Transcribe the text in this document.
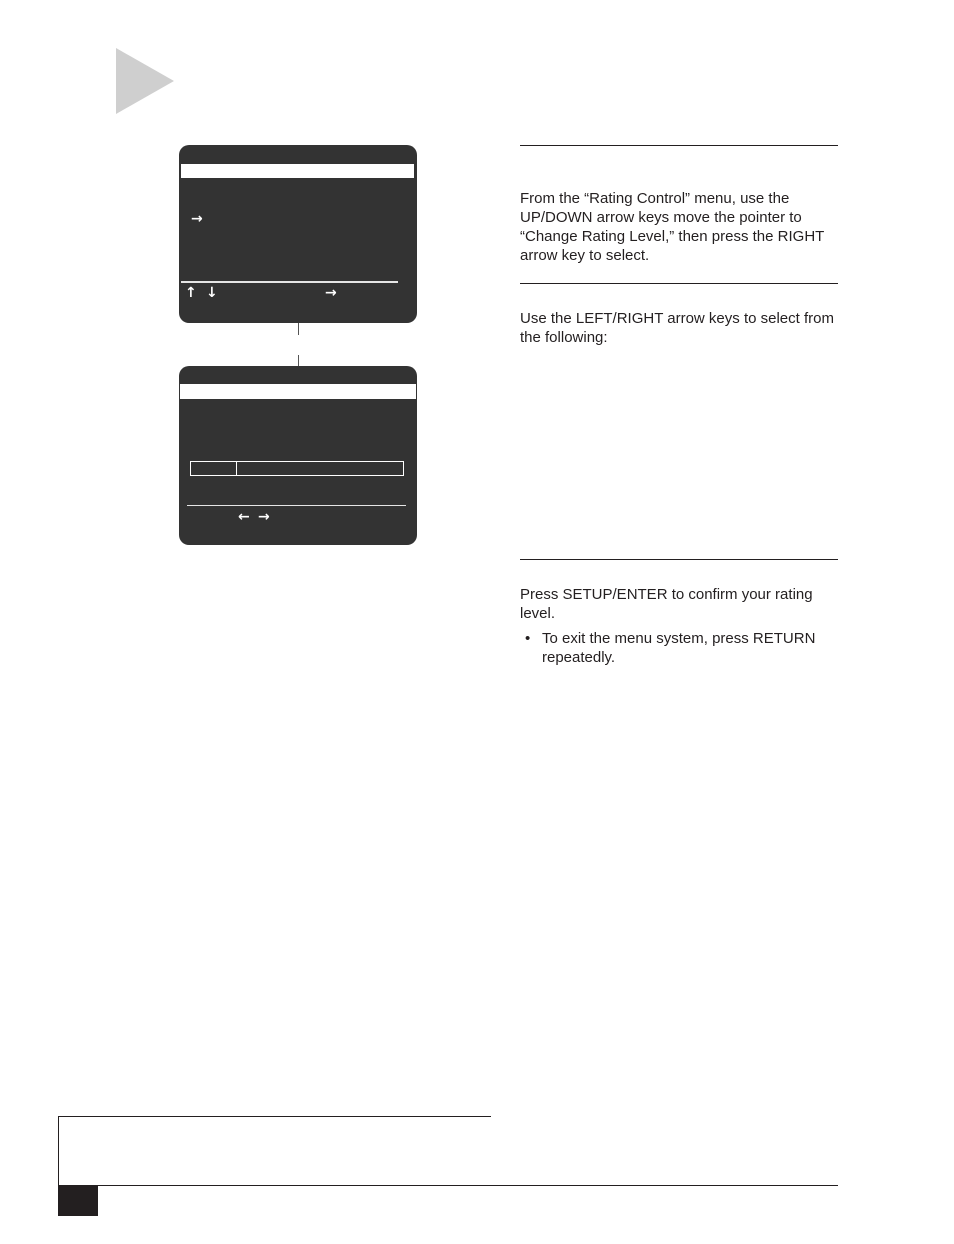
→
↑ ↓	→
← →

From the “Rating Control” menu, use the UP/DOWN arrow keys move the pointer to “Change Rating Level,” then press the RIGHT arrow key to select.

Use the LEFT/RIGHT arrow keys to select from the following:

Press SETUP/ENTER to confirm your rating level.

• To exit the menu system, press RETURN repeatedly.
